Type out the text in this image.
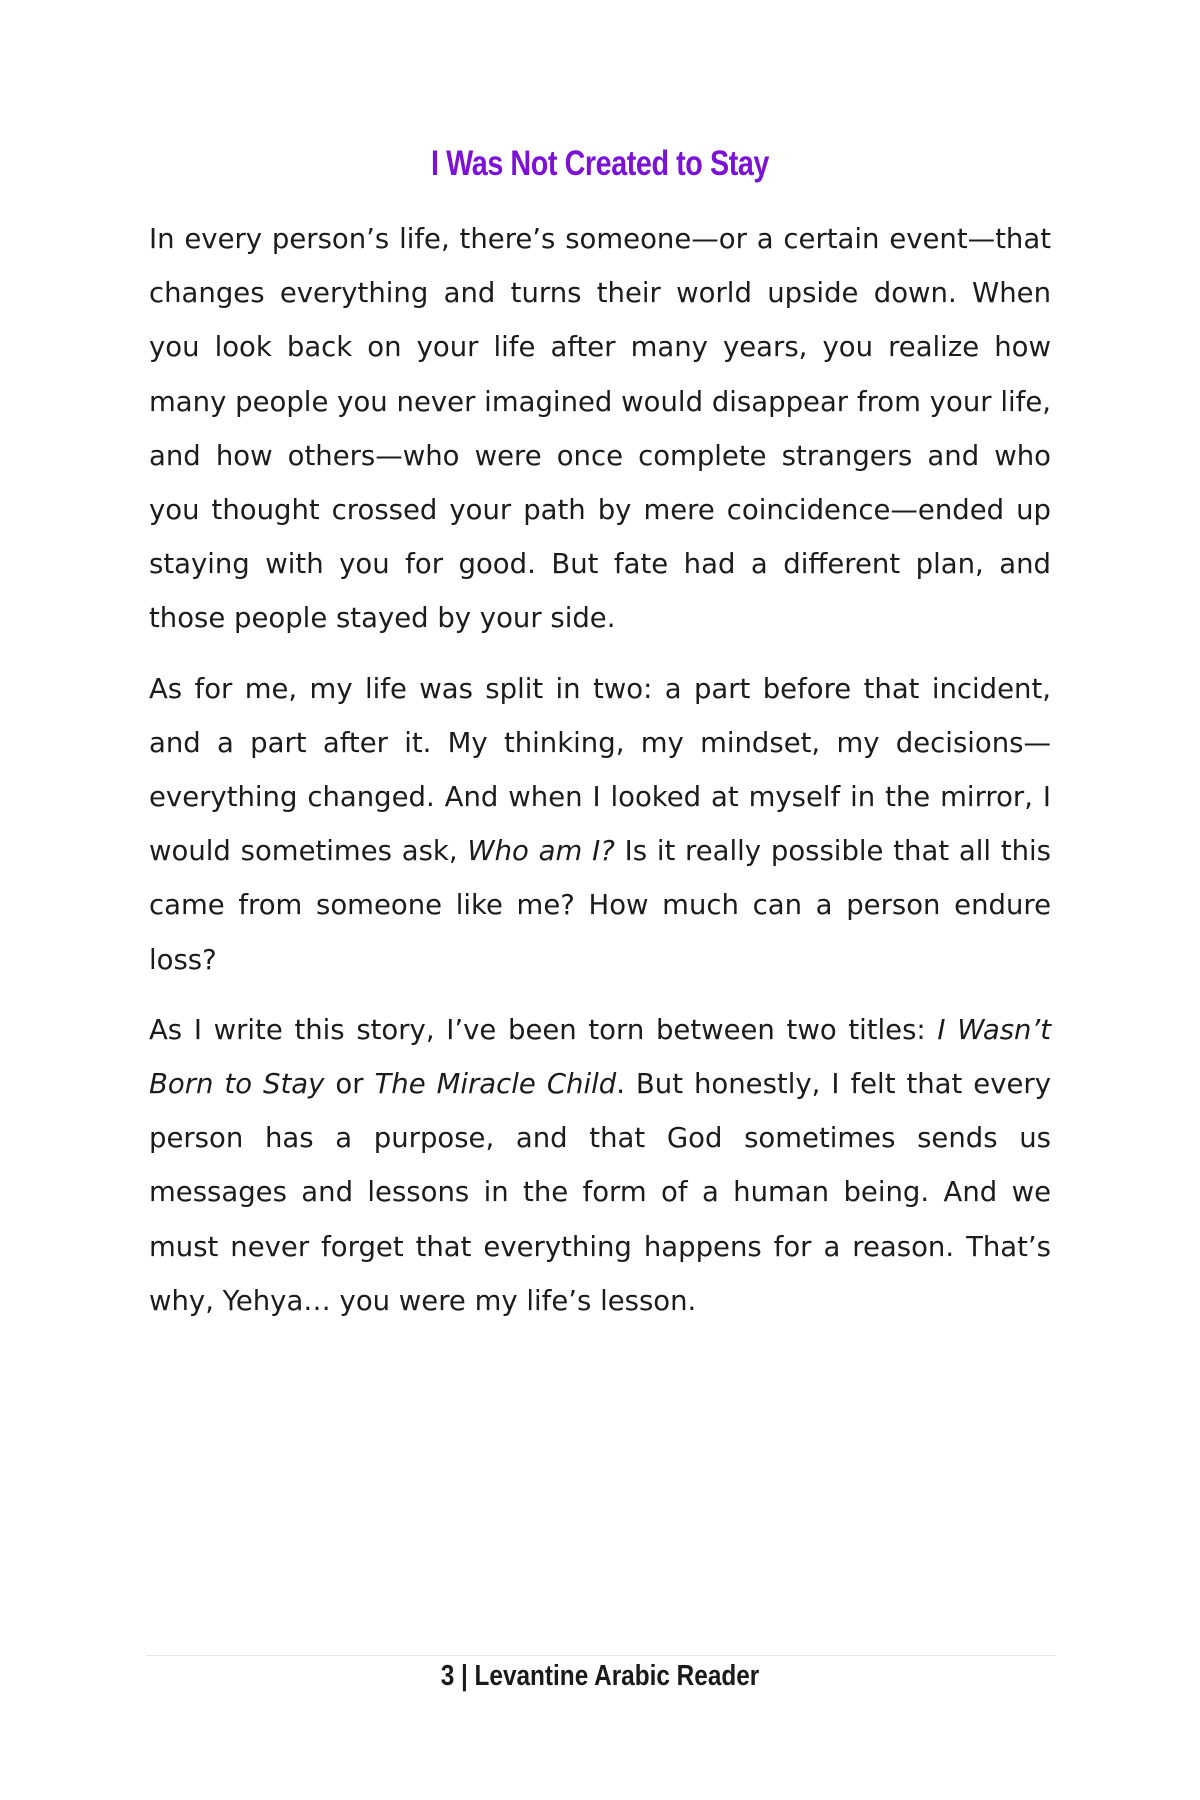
I Was Not Created to Stay

In every person’s life, there’s someone—or a certain event—that changes everything and turns their world upside down. When you look back on your life after many years, you realize how many people you never imagined would disappear from your life, and how others—who were once complete strangers and who you thought crossed your path by mere coincidence—ended up staying with you for good. But fate had a different plan, and those people stayed by your side.

As for me, my life was split in two: a part before that incident, and a part after it. My thinking, my mindset, my decisions—everything changed. And when I looked at myself in the mirror, I would sometimes ask, Who am I? Is it really possible that all this came from someone like me? How much can a person endure loss?

As I write this story, I’ve been torn between two titles: I Wasn’t Born to Stay or The Miracle Child. But honestly, I felt that every person has a purpose, and that God sometimes sends us messages and lessons in the form of a human being. And we must never forget that everything happens for a reason. That’s why, Yehya… you were my life’s lesson.

3 | Levantine Arabic Reader
